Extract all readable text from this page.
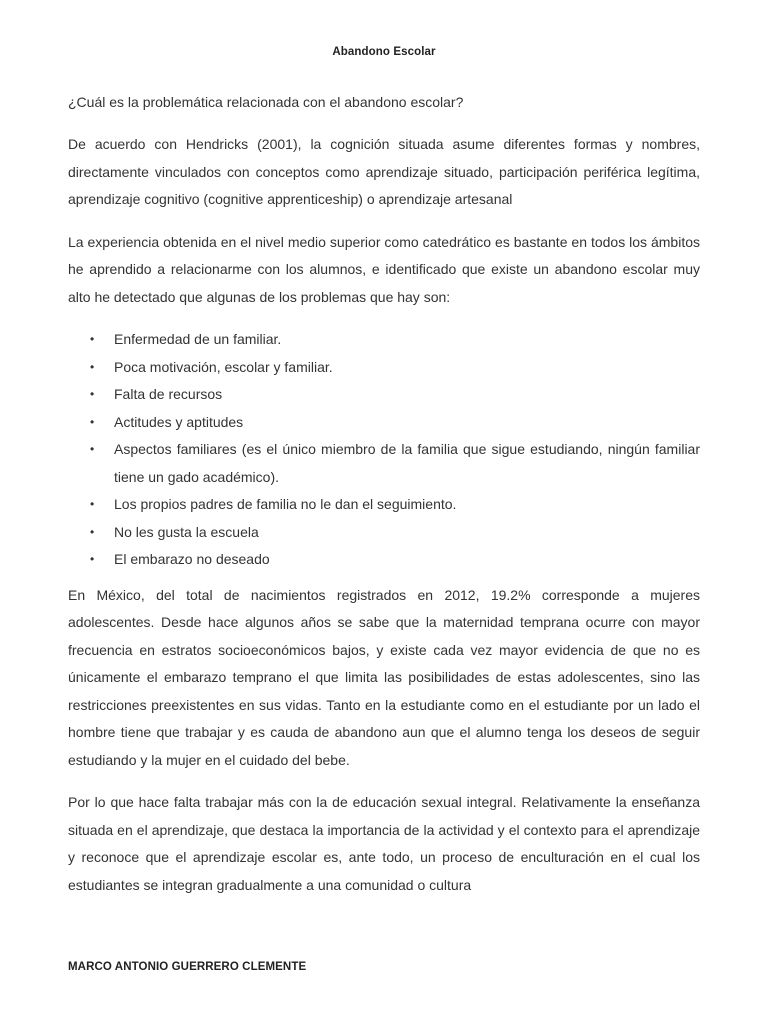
Abandono Escolar

¿Cuál es la problemática relacionada con el abandono escolar?

De acuerdo con Hendricks (2001), la cognición situada asume diferentes formas y nombres, directamente vinculados con conceptos como aprendizaje situado, participación periférica legítima, aprendizaje cognitivo (cognitive apprenticeship) o aprendizaje artesanal

La experiencia obtenida en el nivel medio superior como catedrático es bastante en todos los ámbitos he aprendido a relacionarme con los alumnos, e identificado que existe un abandono escolar muy alto he detectado que algunas de los problemas que hay son:

• Enfermedad de un familiar.
• Poca motivación, escolar y familiar.
• Falta de recursos
• Actitudes y aptitudes
• Aspectos familiares (es el único miembro de la familia que sigue estudiando, ningún familiar tiene un gado académico).
• Los propios padres de familia no le dan el seguimiento.
• No les gusta la escuela
• El embarazo no deseado

En México, del total de nacimientos registrados en 2012, 19.2% corresponde a mujeres adolescentes. Desde hace algunos años se sabe que la maternidad temprana ocurre con mayor frecuencia en estratos socioeconómicos bajos, y existe cada vez mayor evidencia de que no es únicamente el embarazo temprano el que limita las posibilidades de estas adolescentes, sino las restricciones preexistentes en sus vidas. Tanto en la estudiante como en el estudiante por un lado el hombre tiene que trabajar y es cauda de abandono aun que el alumno tenga los deseos de seguir estudiando y la mujer en el cuidado del bebe.

Por lo que hace falta trabajar más con la de educación sexual integral. Relativamente la enseñanza situada en el aprendizaje, que destaca la importancia de la actividad y el contexto para el aprendizaje y reconoce que el aprendizaje escolar es, ante todo, un proceso de enculturación en el cual los estudiantes se integran gradualmente a una comunidad o cultura

MARCO ANTONIO GUERRERO CLEMENTE
